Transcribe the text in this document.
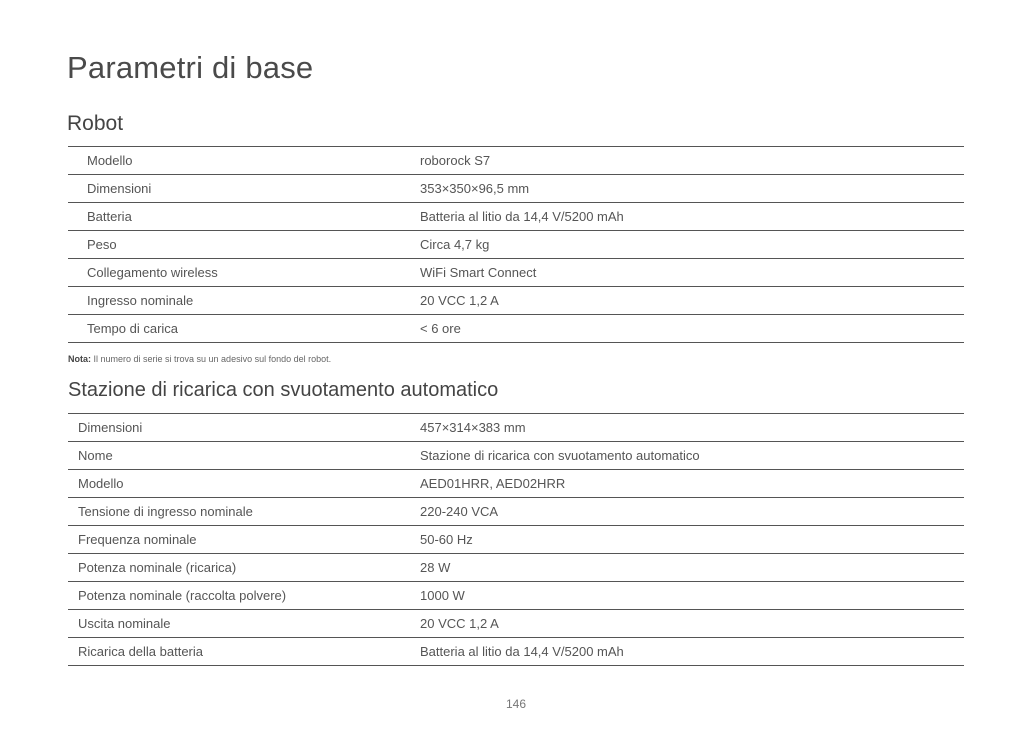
Parametri di base
Robot
Modello	roborock S7
Dimensioni	353×350×96,5 mm
Batteria	Batteria al litio da 14,4 V/5200 mAh
Peso	Circa 4,7 kg
Collegamento wireless	WiFi Smart Connect
Ingresso nominale	20 VCC 1,2 A
Tempo di carica	< 6 ore
Nota: Il numero di serie si trova su un adesivo sul fondo del robot.
Stazione di ricarica con svuotamento automatico
Dimensioni	457×314×383 mm
Nome	Stazione di ricarica con svuotamento automatico
Modello	AED01HRR, AED02HRR
Tensione di ingresso nominale	220-240 VCA
Frequenza nominale	50-60 Hz
Potenza nominale (ricarica)	28 W
Potenza nominale (raccolta polvere)	1000 W
Uscita nominale	20 VCC 1,2 A
Ricarica della batteria	Batteria al litio da 14,4 V/5200 mAh
146
